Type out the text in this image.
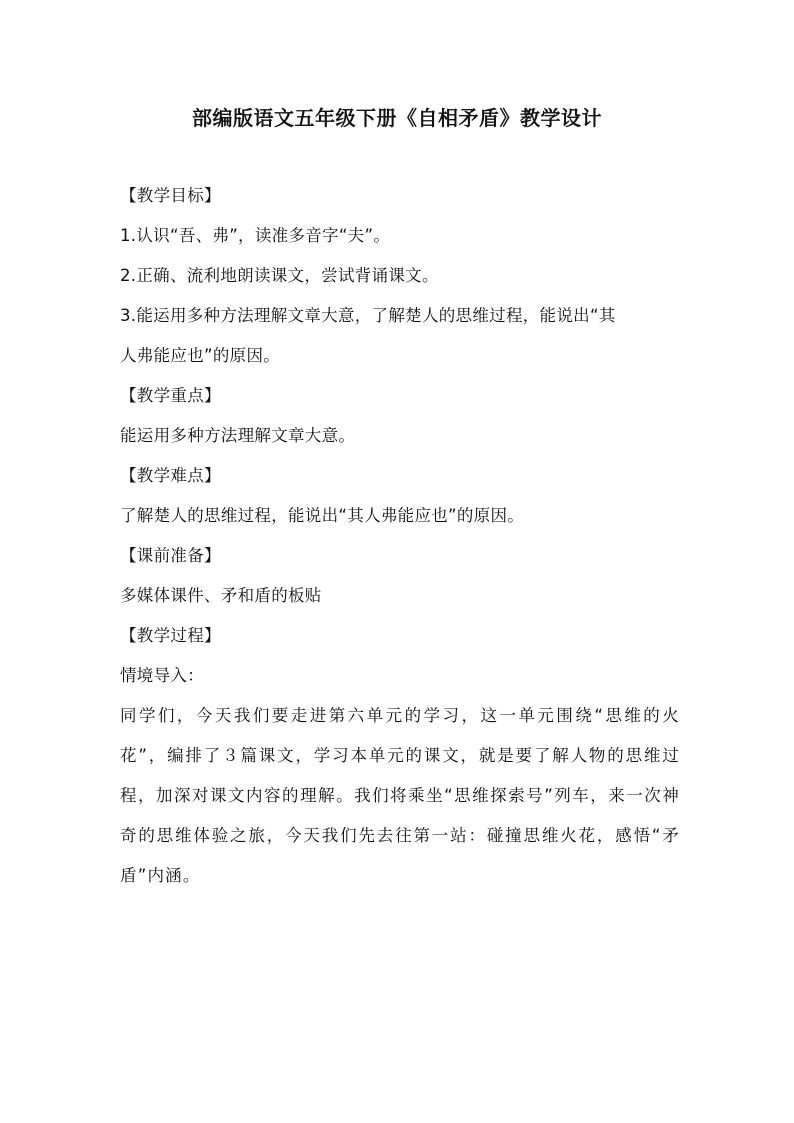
部编版语文五年级下册《自相矛盾》教学设计

【教学目标】

1.认识“吾、弗”，读准多音字“夫”。

2.正确、流利地朗读课文，尝试背诵课文。

3.能运用多种方法理解文章大意，了解楚人的思维过程，能说出“其

人弗能应也”的原因。

【教学重点】

能运用多种方法理解文章大意。

【教学难点】

了解楚人的思维过程，能说出“其人弗能应也”的原因。

【课前准备】

多媒体课件、矛和盾的板贴

【教学过程】

情境导入：

同学们，今天我们要走进第六单元的学习，这一单元围绕“思维的火花”，编排了３篇课文，学习本单元的课文，就是要了解人物的思维过程，加深对课文内容的理解。我们将乘坐“思维探索号”列车，来一次神奇的思维体验之旅，今天我们先去往第一站：碰撞思维火花，感悟“矛盾”内涵。
